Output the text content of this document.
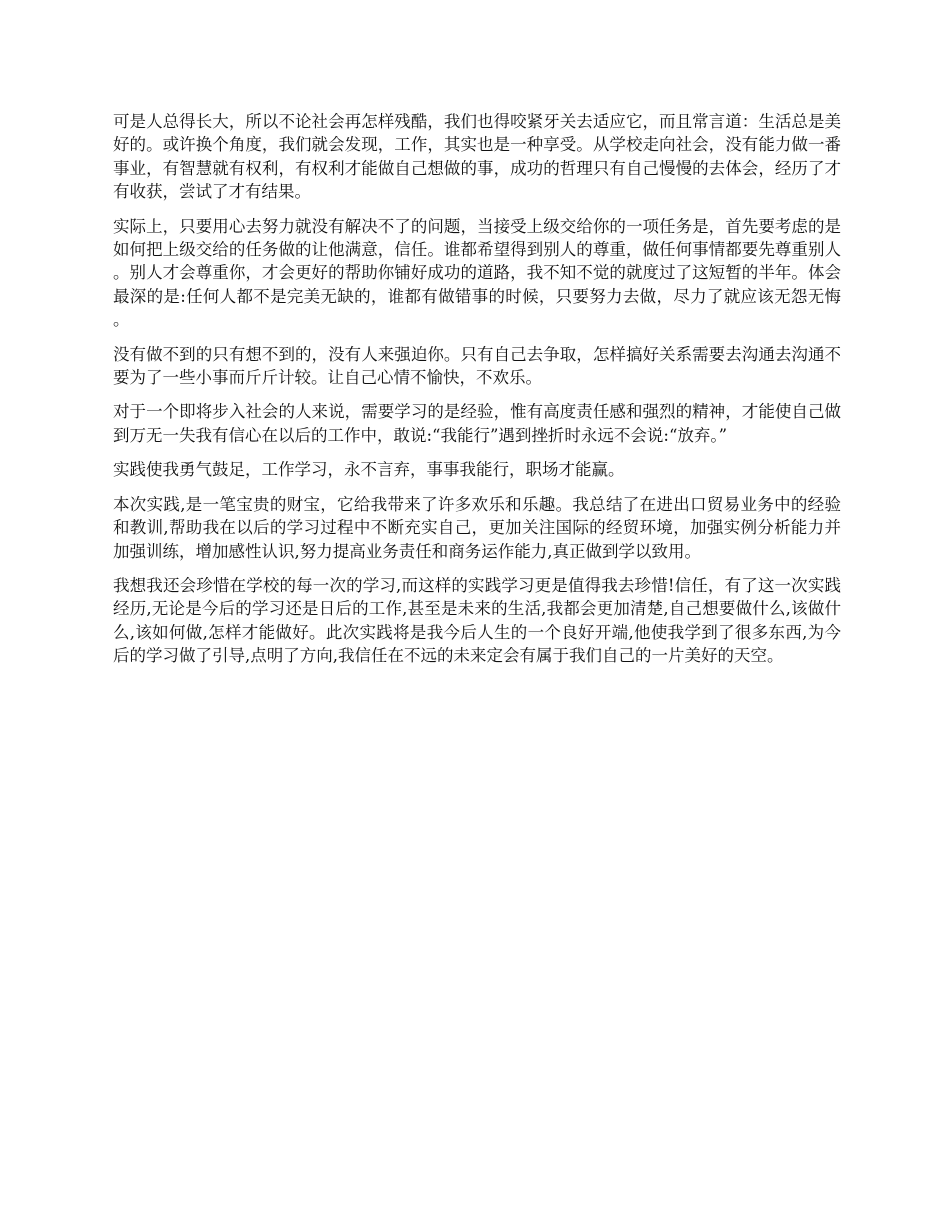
可是人总得长大，所以不论社会再怎样残酷，我们也得咬紧牙关去适应它，而且常言道：生活总是美好的。或许换个角度，我们就会发现，工作，其实也是一种享受。从学校走向社会，没有能力做一番事业，有智慧就有权利，有权利才能做自己想做的事，成功的哲理只有自己慢慢的去体会，经历了才有收获，尝试了才有结果。

实际上，只要用心去努力就没有解决不了的问题，当接受上级交给你的一项任务是，首先要考虑的是如何把上级交给的任务做的让他满意，信任。谁都希望得到别人的尊重，做任何事情都要先尊重别人。别人才会尊重你，才会更好的帮助你铺好成功的道路，我不知不觉的就度过了这短暂的半年。体会最深的是:任何人都不是完美无缺的，谁都有做错事的时候，只要努力去做，尽力了就应该无怨无悔。

没有做不到的只有想不到的，没有人来强迫你。只有自己去争取，怎样搞好关系需要去沟通去沟通不要为了一些小事而斤斤计较。让自己心情不愉快，不欢乐。

对于一个即将步入社会的人来说，需要学习的是经验，惟有高度责任感和强烈的精神，才能使自己做到万无一失我有信心在以后的工作中，敢说:“我能行”遇到挫折时永远不会说:“放弃。”

实践使我勇气鼓足，工作学习，永不言弃，事事我能行，职场才能赢。

本次实践,是一笔宝贵的财宝，它给我带来了许多欢乐和乐趣。我总结了在进出口贸易业务中的经验和教训,帮助我在以后的学习过程中不断充实自己，更加关注国际的经贸环境，加强实例分析能力并加强训练，增加感性认识,努力提高业务责任和商务运作能力,真正做到学以致用。

我想我还会珍惜在学校的每一次的学习,而这样的实践学习更是值得我去珍惜!信任，有了这一次实践经历,无论是今后的学习还是日后的工作,甚至是未来的生活,我都会更加清楚,自己想要做什么,该做什么,该如何做,怎样才能做好。此次实践将是我今后人生的一个良好开端,他使我学到了很多东西,为今后的学习做了引导,点明了方向,我信任在不远的未来定会有属于我们自己的一片美好的天空。
